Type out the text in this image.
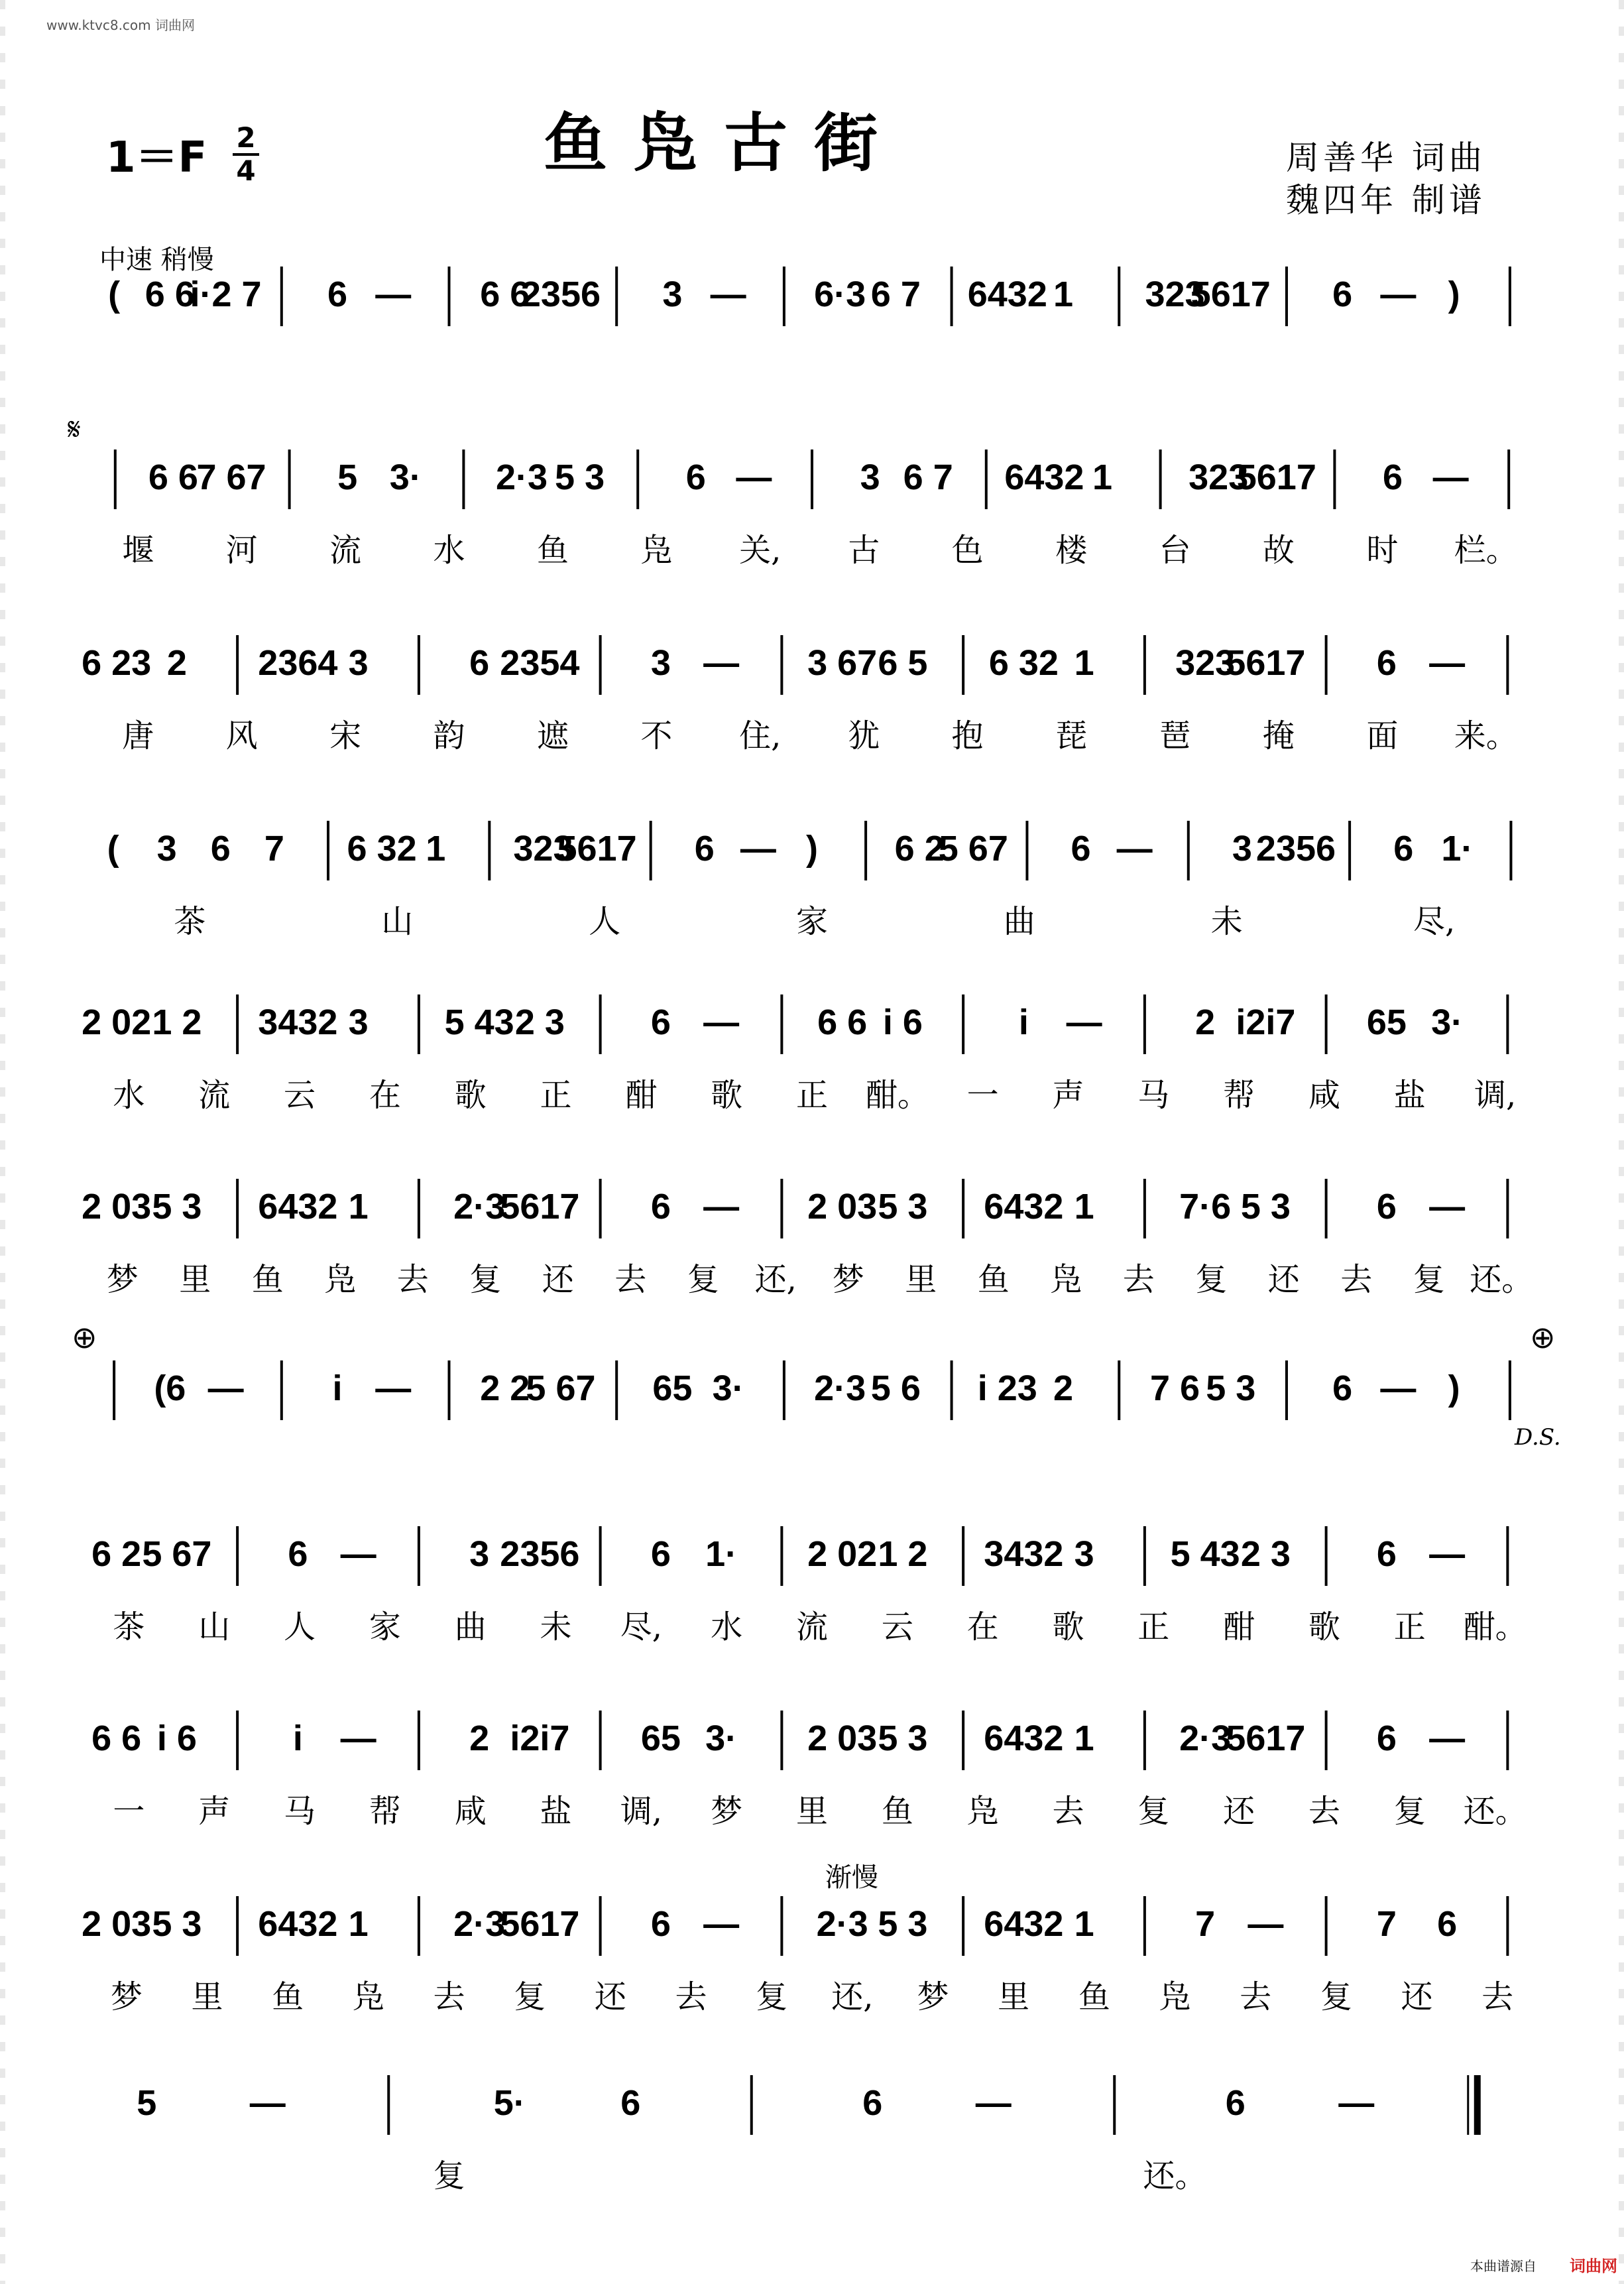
www.ktvc8.com 词曲网
本曲谱源自 词曲网
1＝F 2
4	鱼凫古街	周善华 词曲
魏四年 制谱
中速 稍慢
渐慢
𝄋
⊕	⊕
D.S.
( 6 6
i·2 7 6 — 6 6
2356 3 — 6·3 6 7 6432 1 323
5617 6 — )
6 6
7 67 5 3· 2·3 5 3 6 — 3 6 7 6432 1 323
5617 6 —
堰 河 流 水 鱼 凫 关, 古 色 楼 台 故 时 栏。
6 23 2 2364 3	6 2354 3 — 3 67 6 5 6 32 1 323
5617 6 —
唐 风 宋 韵 遮 不 住, 犹 抱 琵 琶 掩 面 来。
( 3 6 7 6 32 1 323
5617 6 — ) 6 2
5 67 6 — 3 2356 6 1·
茶	山	人	家	曲	未	尽,
2 02 1 2 3432 3 5 43 2 3 6 — 6 6 i 6	i —	2 i2i7 65 3·
水 流 云 在 歌 正 酣 歌 正 酣。 一 声 马 帮 咸 盐 调,
2 03 5 3 6432 1 2·3
5617 6 — 2 03 5 3 6432 1 7·6 5 3 6 —
梦 里 鱼 凫 去 复 还 去 复 还, 梦 里 鱼 凫 去 复 还 去 复 还。
(6 — i — 2 2
5 67 65 3· 2·3 5 6 i 23 2 7 6 5 3 6 — )
6 2 5 67 6 —	3 2356 6 1· 2 02 1 2 3432 3 5 43 2 3 6 —
茶 山 人 家 曲 未 尽, 水 流 云 在 歌 正 酣 歌 正 酣。
6 6 i 6	i —	2 i2i7 65 3· 2 03 5 3 6432 1 2·3
5617 6 —
一 声 马 帮 咸 盐 调, 梦 里 鱼 凫 去 复 还 去 复 还。
2 03 5 3 6432 1 2·3
5617 6 — 2·3 5 3 6432 1	7 —	7 6
梦 里 鱼 凫 去 复 还 去 复 还, 梦 里 鱼 凫 去 复 还 去
5	—	5·	6	6	—	6	—
复	还。
